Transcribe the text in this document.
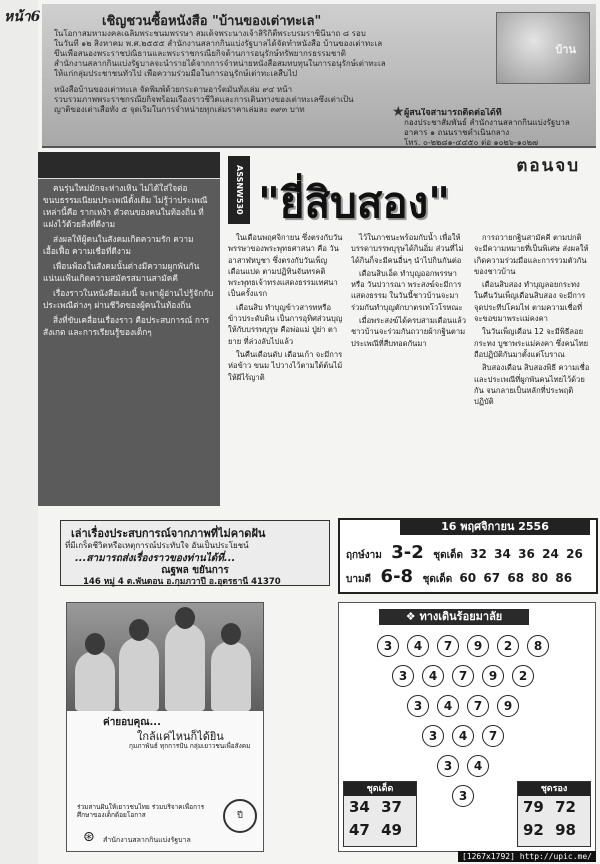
หน้า6	เชิญชวนซื้อหนังสือ "บ้านของเต่าทะเล"
ในโอกาสมหามงคลเฉลิมพระชนมพรรษา สมเด็จพระนางเจ้าสิริกิติ์พระบรมราชินีนาถ ๘ รอบ
ในวันที่ ๑๒ สิงหาคม พ.ศ.๒๕๕๕ สำนักงานสลากกินแบ่งรัฐบาลได้จัดทำหนังสือ บ้านของเต่าทะเล
ขึ้นเพื่อสนองพระราชปณิธานและพระราชกรณียกิจด้านการอนุรักษ์ทรัพยากรธรรมชาติ
สำนักงานสลากกินแบ่งรัฐบาลจะนำรายได้จากการจำหน่ายหนังสือสมทบทุนในการอนุรักษ์เต่าทะเล
ให้แก่กลุ่มประชาชนทั่วไป เพื่อความร่วมมือในการอนุรักษ์เต่าทะเลสืบไป
หนังสือบ้านของเต่าทะเล จัดพิมพ์ด้วยกระดาษอาร์ตมันทั้งเล่ม ๙๔ หน้า
รวบรวมภาพพระราชกรณียกิจพร้อมเรื่องราวชีวิตและการเดินทางของเต่าทะเลซึ่งเต่าเป็น
ญาติของเต่าเสือทั้ง ๕ จุดเริ่มในการจำหน่ายทุกเล่มราคาเล่มละ ๓๙๓ บาท
บ้าน
★ ผู้สนใจสามารถติดต่อได้ที่
กองประชาสัมพันธ์ สำนักงานสลากกินแบ่งรัฐบาล
อาคาร ๑ ถนนราชดำเนินกลาง
โทร. ๐-๒๒๘๑-๔๔๕๐ ต่อ ๑๐๒๖-๑๐๒๗

คนรุ่นใหม่มักจะห่างเหิน ไม่ได้ใส่ใจต่อขนบธรรมเนียมประเพณีดั้งเดิม ไม่รู้ว่าประเพณีเหล่านี้คือ รากเหง้า ตัวตนของคนในท้องถิ่น ที่แฝงไว้ด้วยสิ่งที่ดีงาม

ส่งผลให้ผู้คนในสังคมเกิดความรัก ความเอื้อเฟื้อ ความเชื่อที่ดีงาม

เพื่อนพ้องในสังคมนั้นต่างมีความผูกพันกันแน่นแฟ้นเกิดความสมัครสมานสามัคคี

เรื่องราวในหนังสือเล่มนี้ จะพาผู้อ่านไปรู้จักกับประเพณีต่างๆ ผ่านชีวิตของผู้คนในท้องถิ่น

สิ่งที่ขับเคลื่อนเรื่องราว คือประสบการณ์ การสังเกต และการเรียนรู้ของเด็กๆ

ASSNW530	ตอนจบ
"ยี่สิบสอง"

ในเดือนพฤศจิกายน ซึ่งตรงกับวันพรรษาของพระพุทธศาสนา คือ วันอาสาฬหบูชา ซึ่งตรงกับวันเพ็ญเดือนแปด ตามปฏิทินจันทรคติ พระพุทธเจ้าทรงแสดงธรรมเทศนาเป็นครั้งแรก

เดือนสิบ ทำบุญข้าวสารทหรือข้าวประดับดิน เป็นการอุทิศส่วนบุญให้กับบรรพบุรุษ คือพ่อแม่ ปู่ย่า ตายาย ที่ล่วงลับไปแล้ว

ในคืนเดือนดับ เดือนเก้า จะมีการห่อข้าว ขนม ไปวางไว้ตามใต้ต้นไม้ ให้ผีไร้ญาติ

ไว้ในภาชนะพร้อมกับน้ำ เพื่อให้บรรดาบรรพบุรุษได้กินอิ่ม ส่วนที่ไม่ได้กินก็จะมีคนอื่นๆ นำไปกินกันต่อ

เดือนสิบเอ็ด ทำบุญออกพรรษา หรือ วันปวารณา พระสงฆ์จะมีการแสดงธรรม ในวันนี้ชาวบ้านจะมาร่วมกันทำบุญตักบาตรเทโวโรหณะ

เมื่อพระสงฆ์ได้ครบสามเดือนแล้ว ชาวบ้านจะร่วมกันถวายผ้ากฐินตามประเพณีที่สืบทอดกันมา

การถวายกฐินสามัคคี ตามปกติจะมีความหมายที่เป็นพิเศษ ส่งผลให้เกิดความร่วมมือและการรวมตัวกันของชาวบ้าน

เดือนสิบสอง ทำบุญลอยกระทง ในคืนวันเพ็ญเดือนสิบสอง จะมีการจุดประทีปโคมไฟ ตามความเชื่อที่จะขอขมาพระแม่คงคา

ในวันเพ็ญเดือน 12 จะมีพิธีลอยกระทง บูชาพระแม่คงคา ซึ่งคนไทยถือปฏิบัติกันมาตั้งแต่โบราณ

สิบสองเดือน สิบสองพิธี ความเชื่อและประเพณีที่ผูกพันคนไทยไว้ด้วยกัน จนกลายเป็นหลักที่ประพฤติปฏิบัติ

เล่าเรื่องประสบการณ์จากภาพที่ไม่คาดฝัน
ที่มีเกร็ดชีวิตหรือเหตุการณ์ประทับใจ อันเป็นประโยชน์
...สามารถส่งเรื่องราวของท่านได้ที่...
ณฐพล ขยันการ
146 หมู่ 4 ต.พันดอน อ.กุมภวาปี อ.อุดรธานี 41370
16 พฤศจิกายน 2556
ฤกษ์งาม 3-2 ชุดเด็ด 32 34 36 24 26
บามดี 6-8 ชุดเด็ด 60 67 68 80 86
ค่ายอบคุณ...
ใกล้แค่ไหนก็ได้ยิน
กุมภาพันธ์ ทุกการปัน กลุ่มเยาวชนเพื่อสังคม
ร่วมสานฝันให้เยาวชนไทย ร่วมบริจาคเพื่อการศึกษาของเด็กด้อยโอกาส	ปี
⊛ สำนักงานสลากกินแบ่งรัฐบาล
❖ ทางเดินร้อยมาลัย
3	4	7	9	2	8
3	4	7	9	2
3	4	7	9
3	4	7
3	4
3
ชุดเด็ด
34 37
47 49
ชุดรอง
79 72
92 98
[1267x1792] http://upic.me/
